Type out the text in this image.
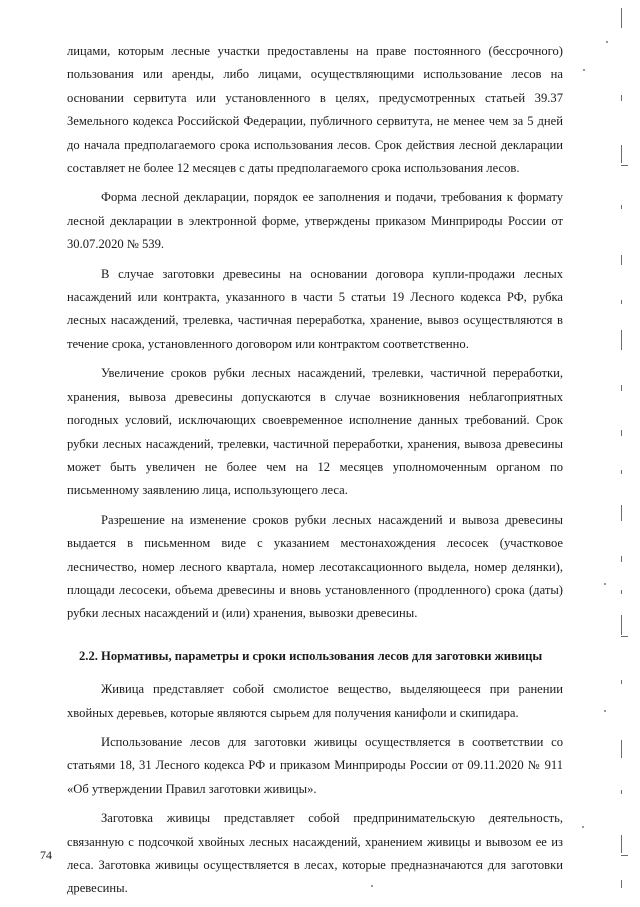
лицами, которым лесные участки предоставлены на праве постоянного (бессрочного) пользования или аренды, либо лицами, осуществляющими использование лесов на основании сервитута или установленного в целях, предусмотренных статьей 39.37 Земельного кодекса Российской Федерации, публичного сервитута, не менее чем за 5 дней до начала предполагаемого срока использования лесов. Срок действия лесной декларации составляет не более 12 месяцев с даты предполагаемого срока использования лесов.

Форма лесной декларации, порядок ее заполнения и подачи, требования к формату лесной декларации в электронной форме, утверждены приказом Минприроды России от 30.07.2020 № 539.

В случае заготовки древесины на основании договора купли-продажи лесных насаждений или контракта, указанного в части 5 статьи 19 Лесного кодекса РФ, рубка лесных насаждений, трелевка, частичная переработка, хранение, вывоз осуществляются в течение срока, установленного договором или контрактом соответственно.

Увеличение сроков рубки лесных насаждений, трелевки, частичной переработки, хранения, вывоза древесины допускаются в случае возникновения неблагоприятных погодных условий, исключающих своевременное исполнение данных требований. Срок рубки лесных насаждений, трелевки, частичной переработки, хранения, вывоза древесины может быть увеличен не более чем на 12 месяцев уполномоченным органом по письменному заявлению лица, использующего леса.

Разрешение на изменение сроков рубки лесных насаждений и вывоза древесины выдается в письменном виде с указанием местонахождения лесосек (участковое лесничество, номер лесного квартала, номер лесотаксационного выдела, номер делянки), площади лесосеки, объема древесины и вновь установленного (продленного) срока (даты) рубки лесных насаждений и (или) хранения, вывозки древесины.

2.2. Нормативы, параметры и сроки использования лесов для заготовки живицы

Живица представляет собой смолистое вещество, выделяющееся при ранении хвойных деревьев, которые являются сырьем для получения канифоли и скипидара.

Использование лесов для заготовки живицы осуществляется в соответствии со статьями 18, 31 Лесного кодекса РФ и приказом Минприроды России от 09.11.2020 № 911 «Об утверждении Правил заготовки живицы».

Заготовка живицы представляет собой предпринимательскую деятельность, связанную с подсочкой хвойных лесных насаждений, хранением живицы и вывозом ее из леса. Заготовка живицы осуществляется в лесах, которые предназначаются для заготовки древесины.

74
